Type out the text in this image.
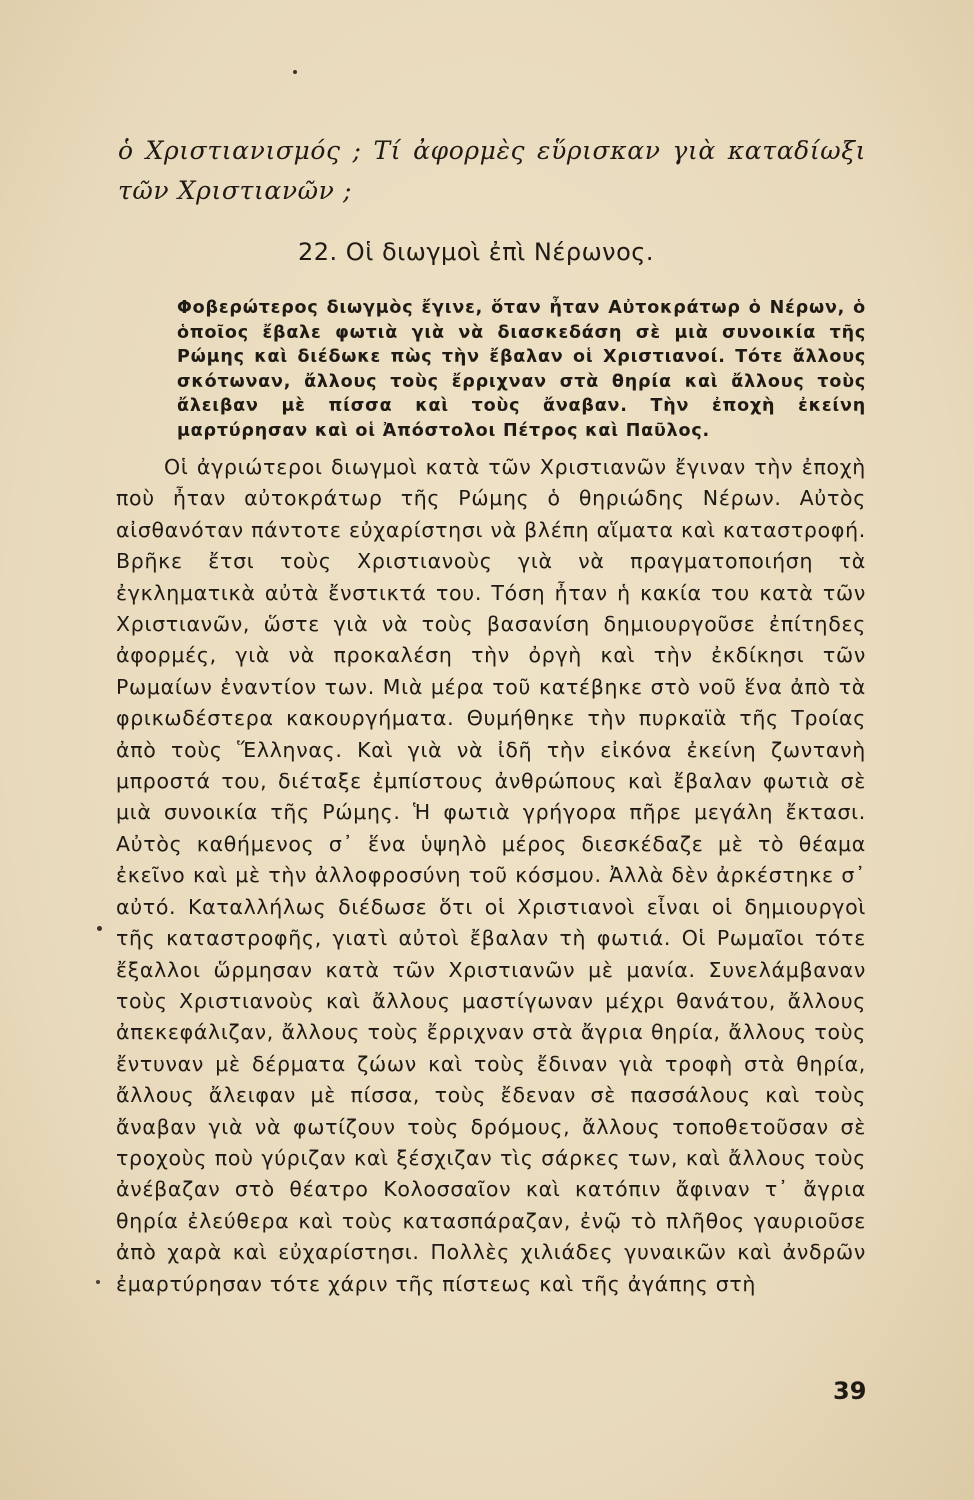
ὁ Χριστιανισμός ; Τί ἀφορμὲς εὕρισκαν γιὰ καταδίωξι τῶν Χριστιανῶν ;

22. Οἱ διωγμοὶ ἐπὶ Νέρωνος.

Φοβερώτερος διωγμὸς ἔγινε, ὅταν ἦταν Αὐτοκράτωρ ὁ Νέρων, ὁ ὁποῖος ἔβαλε φωτιὰ γιὰ νὰ διασκεδάση σὲ μιὰ συνοικία τῆς Ρώμης καὶ διέδωκε πὼς τὴν ἔβαλαν οἱ Χριστιανοί. Τότε ἄλλους σκότωναν, ἄλλους τοὺς ἔρριχναν στὰ θηρία καὶ ἄλλους τοὺς ἄλειβαν μὲ πίσσα καὶ τοὺς ἄναβαν. Τὴν ἐποχὴ ἐκείνη μαρτύρησαν καὶ οἱ Ἀπόστολοι Πέτρος καὶ Παῦλος.

Οἱ ἀγριώτεροι διωγμοὶ κατὰ τῶν Χριστιανῶν ἔγιναν τὴν ἐποχὴ ποὺ ἦταν αὐτοκράτωρ τῆς Ρώμης ὁ θηριώδης Νέρων. Αὐτὸς αἰσθανόταν πάντοτε εὐχαρίστησι νὰ βλέπη αἵματα καὶ καταστροφή. Βρῆκε ἔτσι τοὺς Χριστιανοὺς γιὰ νὰ πραγματοποιήση τὰ ἐγκληματικὰ αὐτὰ ἔνστικτά του. Τόση ἦταν ἡ κακία του κατὰ τῶν Χριστιανῶν, ὥστε γιὰ νὰ τοὺς βασανίση δημιουργοῦσε ἐπίτηδες ἀφορμές, γιὰ νὰ προκαλέση τὴν ὀργὴ καὶ τὴν ἐκδίκησι τῶν Ρωμαίων ἐναντίον των. Μιὰ μέρα τοῦ κατέβηκε στὸ νοῦ ἕνα ἀπὸ τὰ φρικωδέστερα κακουργήματα. Θυμήθηκε τὴν πυρκαϊὰ τῆς Τροίας ἀπὸ τοὺς Ἕλληνας. Καὶ γιὰ νὰ ἰδῆ τὴν εἰκόνα ἐκείνη ζωντανὴ μπροστά του, διέταξε ἐμπίστους ἀνθρώπους καὶ ἔβαλαν φωτιὰ σὲ μιὰ συνοικία τῆς Ρώμης. Ἡ φωτιὰ γρήγορα πῆρε μεγάλη ἔκτασι. Αὐτὸς καθήμενος σ᾽ ἕνα ὑψηλὸ μέρος διεσκέδαζε μὲ τὸ θέαμα ἐκεῖνο καὶ μὲ τὴν ἀλλοφροσύνη τοῦ κόσμου. Ἀλλὰ δὲν ἀρκέστηκε σ᾽ αὐτό. Καταλλήλως διέδωσε ὅτι οἱ Χριστιανοὶ εἶναι οἱ δημιουργοὶ τῆς καταστροφῆς, γιατὶ αὐτοὶ ἔβαλαν τὴ φωτιά. Οἱ Ρωμαῖοι τότε ἔξαλλοι ὥρμησαν κατὰ τῶν Χριστιανῶν μὲ μανία. Συνελάμβαναν τοὺς Χριστιανοὺς καὶ ἄλλους μαστίγωναν μέχρι θανάτου, ἄλλους ἀπεκεφάλιζαν, ἄλλους τοὺς ἔρριχναν στὰ ἄγρια θηρία, ἄλλους τοὺς ἔντυναν μὲ δέρματα ζώων καὶ τοὺς ἔδιναν γιὰ τροφὴ στὰ θηρία, ἄλλους ἄλειφαν μὲ πίσσα, τοὺς ἔδεναν σὲ πασσάλους καὶ τοὺς ἄναβαν γιὰ νὰ φωτίζουν τοὺς δρόμους, ἄλλους τοποθετοῦσαν σὲ τροχοὺς ποὺ γύριζαν καὶ ξέσχιζαν τὶς σάρκες των, καὶ ἄλλους τοὺς ἀνέβαζαν στὸ θέατρο Κολοσσαῖον καὶ κατόπιν ἄφιναν τ᾽ ἄγρια θηρία ἐλεύθερα καὶ τοὺς κατασπάραζαν, ἐνῷ τὸ πλῆθος γαυριοῦσε ἀπὸ χαρὰ καὶ εὐχαρίστησι. Πολλὲς χιλιάδες γυναικῶν καὶ ἀνδρῶν ἐμαρτύρησαν τότε χάριν τῆς πίστεως καὶ τῆς ἀγάπης στὴ

39
